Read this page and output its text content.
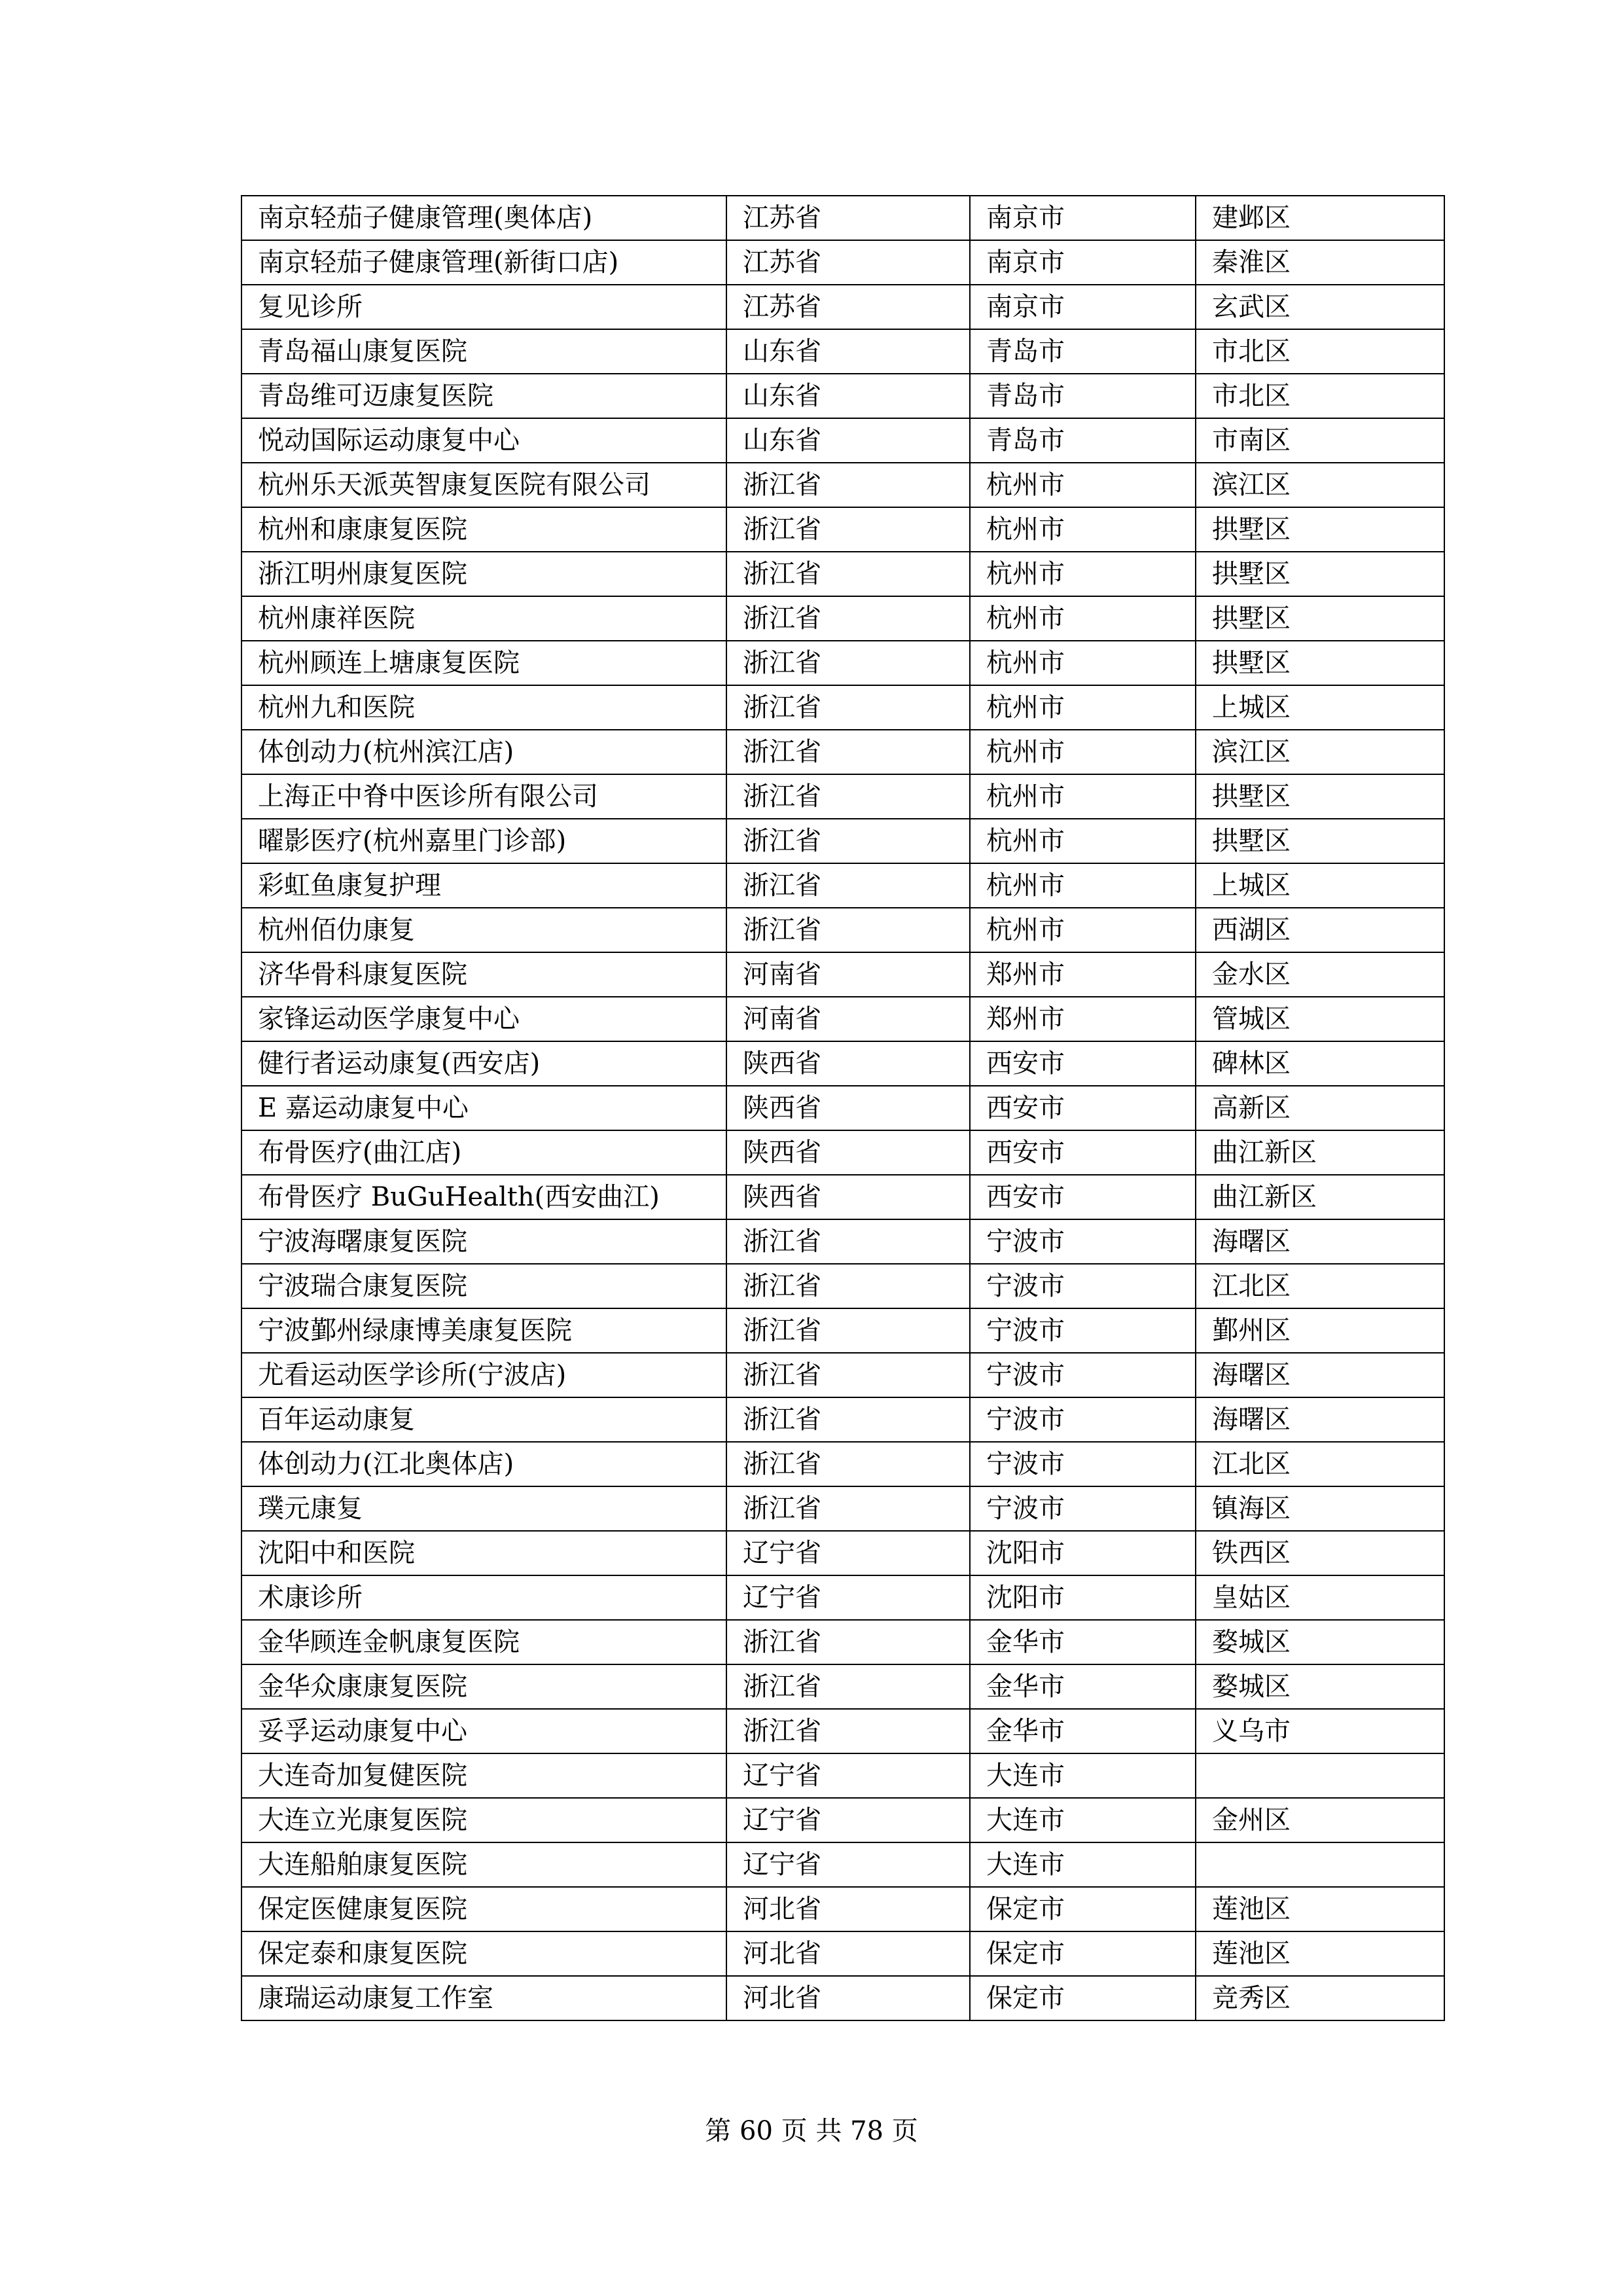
南京轻茄子健康管理(奥体店)	江苏省	南京市	建邺区
南京轻茄子健康管理(新街口店)	江苏省	南京市	秦淮区
复见诊所	江苏省	南京市	玄武区
青岛福山康复医院	山东省	青岛市	市北区
青岛维可迈康复医院	山东省	青岛市	市北区
悦动国际运动康复中心	山东省	青岛市	市南区
杭州乐天派英智康复医院有限公司	浙江省	杭州市	滨江区
杭州和康康复医院	浙江省	杭州市	拱墅区
浙江明州康复医院	浙江省	杭州市	拱墅区
杭州康祥医院	浙江省	杭州市	拱墅区
杭州顾连上塘康复医院	浙江省	杭州市	拱墅区
杭州九和医院	浙江省	杭州市	上城区
体创动力(杭州滨江店)	浙江省	杭州市	滨江区
上海正中脊中医诊所有限公司	浙江省	杭州市	拱墅区
曜影医疗(杭州嘉里门诊部)	浙江省	杭州市	拱墅区
彩虹鱼康复护理	浙江省	杭州市	上城区
杭州佰仂康复	浙江省	杭州市	西湖区
济华骨科康复医院	河南省	郑州市	金水区
家锋运动医学康复中心	河南省	郑州市	管城区
健行者运动康复(西安店)	陕西省	西安市	碑林区
E 嘉运动康复中心	陕西省	西安市	高新区
布骨医疗(曲江店)	陕西省	西安市	曲江新区
布骨医疗 BuGuHealth(西安曲江)	陕西省	西安市	曲江新区
宁波海曙康复医院	浙江省	宁波市	海曙区
宁波瑞合康复医院	浙江省	宁波市	江北区
宁波鄞州绿康博美康复医院	浙江省	宁波市	鄞州区
尤看运动医学诊所(宁波店)	浙江省	宁波市	海曙区
百年运动康复	浙江省	宁波市	海曙区
体创动力(江北奥体店)	浙江省	宁波市	江北区
璞元康复	浙江省	宁波市	镇海区
沈阳中和医院	辽宁省	沈阳市	铁西区
术康诊所	辽宁省	沈阳市	皇姑区
金华顾连金帆康复医院	浙江省	金华市	婺城区
金华众康康复医院	浙江省	金华市	婺城区
妥孚运动康复中心	浙江省	金华市	义乌市
大连奇加复健医院	辽宁省	大连市	
大连立光康复医院	辽宁省	大连市	金州区
大连船舶康复医院	辽宁省	大连市	
保定医健康复医院	河北省	保定市	莲池区
保定泰和康复医院	河北省	保定市	莲池区
康瑞运动康复工作室	河北省	保定市	竞秀区
第 60 页 共 78 页
